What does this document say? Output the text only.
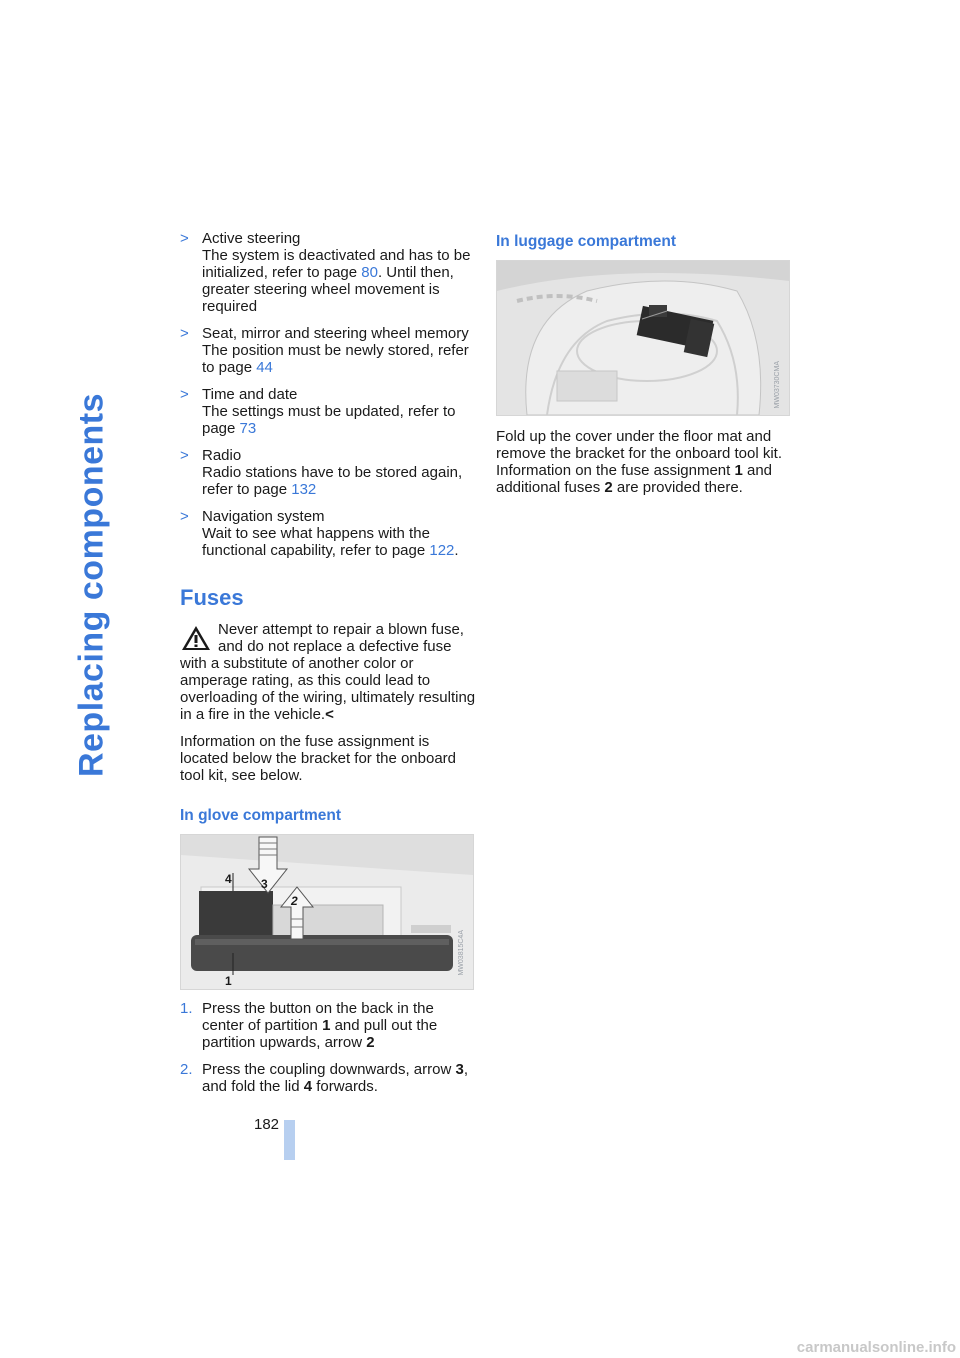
Replacing components
> Active steering
The system is deactivated and has to be initialized, refer to page 80. Until then, greater steering wheel movement is required
> Seat, mirror and steering wheel memory
The position must be newly stored, refer to page 44
> Time and date
The settings must be updated, refer to page 73
> Radio
Radio stations have to be stored again, refer to page 132
> Navigation system
Wait to see what happens with the functional capability, refer to page 122.
Fuses
Never attempt to repair a blown fuse, and do not replace a defective fuse with a substitute of another color or amperage rating, as this could lead to overloading of the wiring, ultimately resulting in a fire in the vehicle.<

Information on the fuse assignment is located below the bracket for the onboard tool kit, see below.

In glove compartment
4 3
2
1
MW03815C4A
1. Press the button on the back in the center of partition 1 and pull out the partition upwards, arrow 2
2. Press the coupling downwards, arrow 3, and fold the lid 4 forwards.
In luggage compartment
MW03730CMA

Fold up the cover under the floor mat and remove the bracket for the onboard tool kit. Information on the fuse assignment 1 and additional fuses 2 are provided there.

182
carmanualsonline.info
